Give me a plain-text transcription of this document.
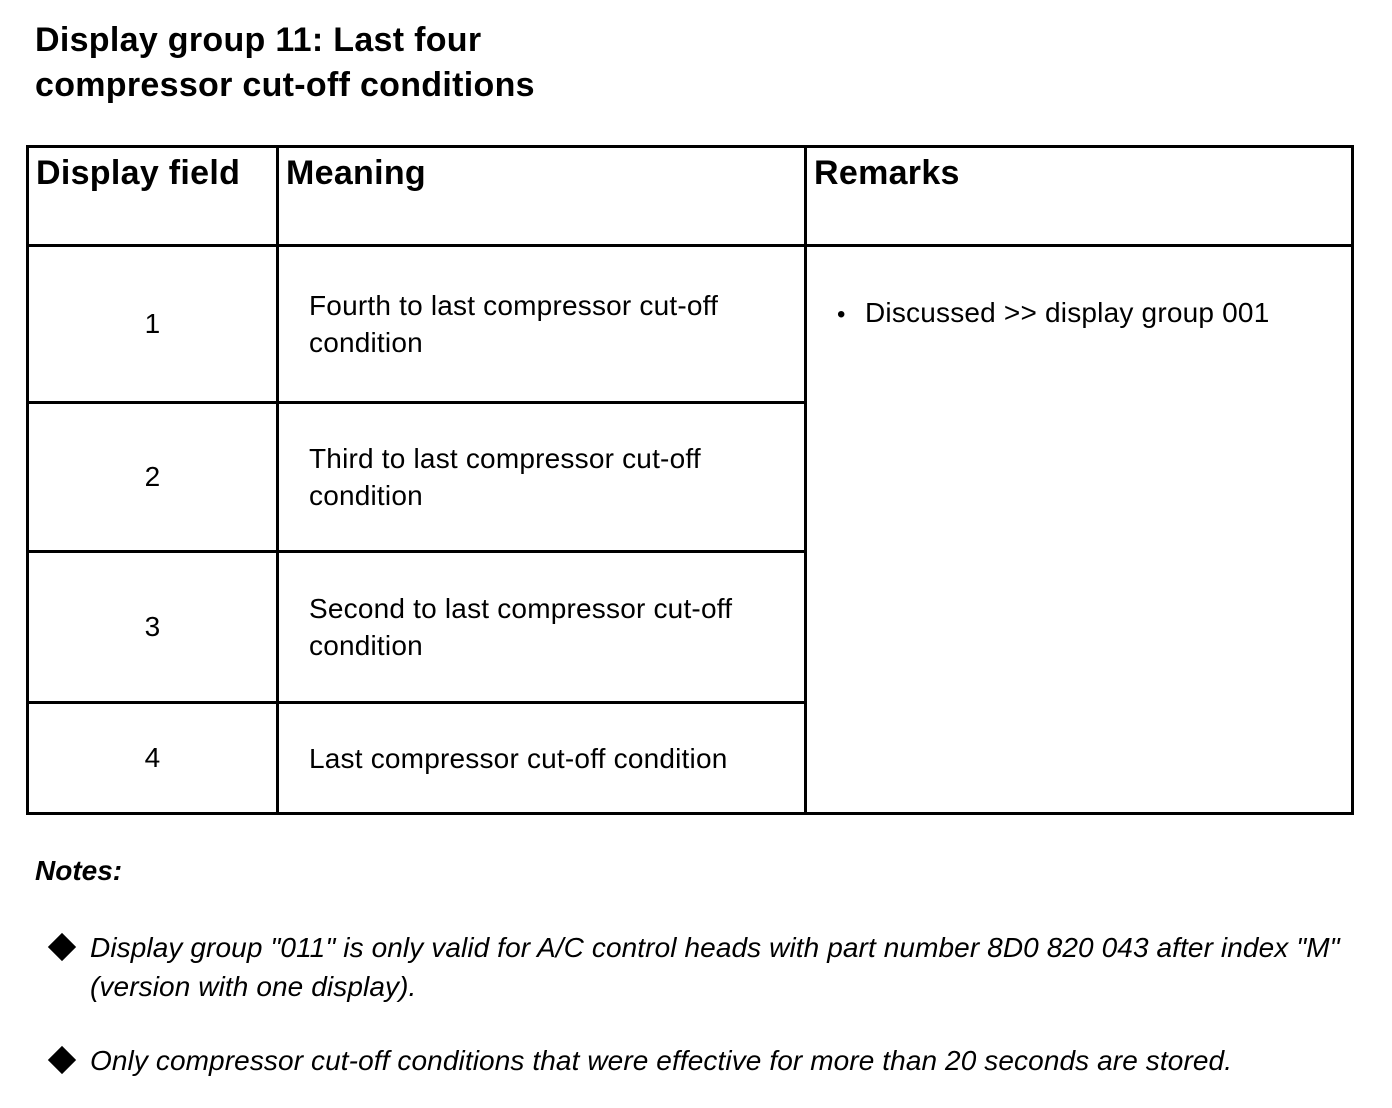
Display group 11: Last four
compressor cut-off conditions
Display field	Meaning	Remarks
1	Fourth to last compressor cut-off condition	• Discussed >> display group 001

2	Third to last compressor cut-off condition	
3	Second to last compressor cut-off condition	
4	Last compressor cut-off condition	
Notes:
Display group "011" is only valid for A/C control heads with part number 8D0 820 043 after index "M" (version with one display).
Only compressor cut-off conditions that were effective for more than 20 seconds are stored.
